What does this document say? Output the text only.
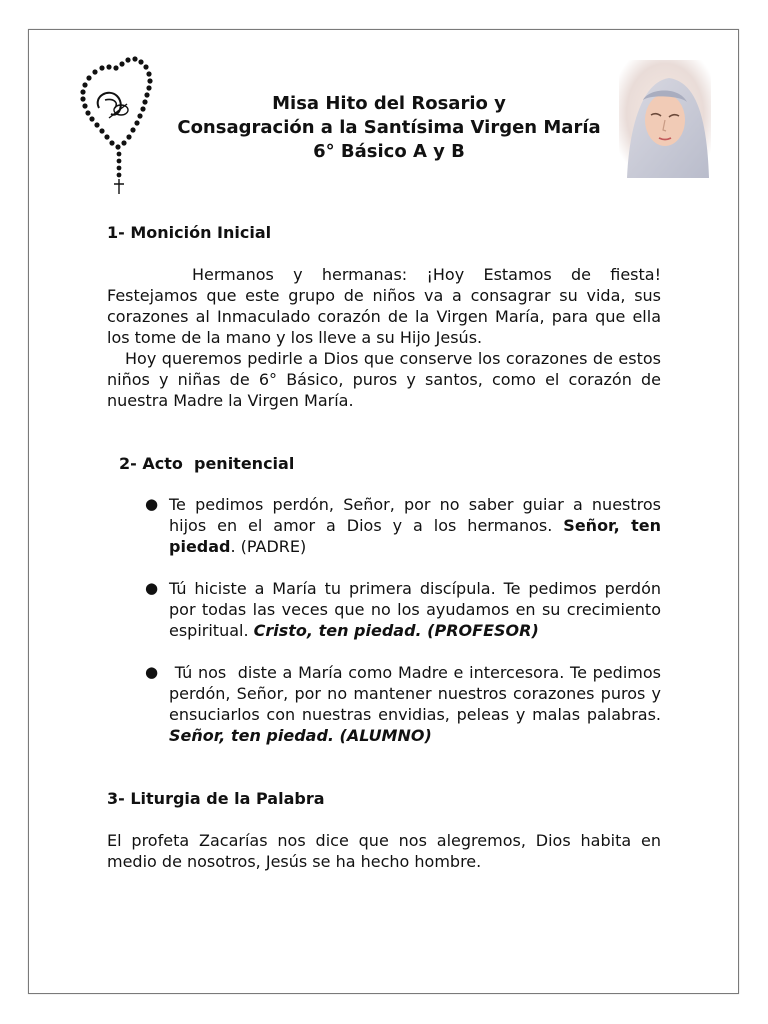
Misa Hito del Rosario y
Consagración a la Santísima Virgen María
6° Básico A y B

1- Monición Inicial

Hermanos y hermanas: ¡Hoy Estamos de fiesta! Festejamos que este grupo de niños va a consagrar su vida, sus corazones al Inmaculado corazón de la Virgen María, para que ella los tome de la mano y los lleve a su Hijo Jesús.

Hoy queremos pedirle a Dios que conserve los corazones de estos niños y niñas de 6° Básico, puros y santos, como el corazón de nuestra Madre la Virgen María.

2- Acto  penitencial

● Te pedimos perdón, Señor, por no saber guiar a nuestros hijos en el amor a Dios y a los hermanos. Señor, ten piedad. (PADRE)
● Tú hiciste a María tu primera discípula. Te pedimos perdón por todas las veces que no los ayudamos en su crecimiento espiritual. Cristo, ten piedad. (PROFESOR)
● Tú nos  diste a María como Madre e intercesora. Te pedimos perdón, Señor, por no mantener nuestros corazones puros y ensuciarlos con nuestras envidias, peleas y malas palabras. Señor, ten piedad. (ALUMNO)

3- Liturgia de la Palabra

El profeta Zacarías nos dice que nos alegremos, Dios habita en medio de nosotros, Jesús se ha hecho hombre.
